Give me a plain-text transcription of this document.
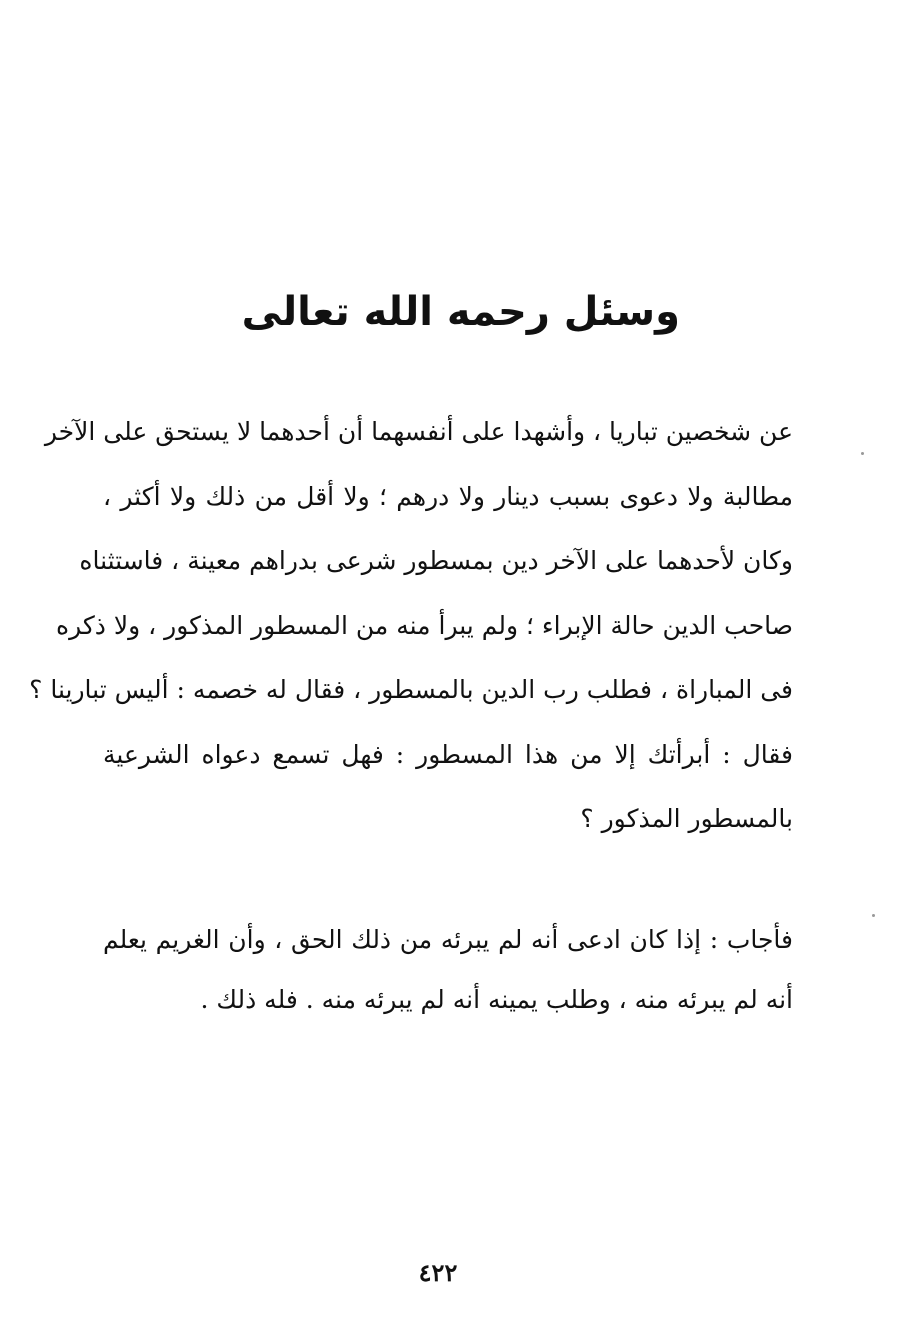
وسئل رحمه الله تعالى
عن شخصين تباريا ، وأشهدا على أنفسهما أن أحدهما لا يستحق على الآخر
مطالبة ولا دعوى بسبب دينار ولا درهم ؛ ولا أقل من ذلك ولا أكثر ،
وكان لأحدهما على الآخر دين بمسطور شرعى بدراهم معينة ، فاستثناه
صاحب الدين حالة الإبراء ؛ ولم يبرأ منه من المسطور المذكور ، ولا ذكره
فى المباراة ، فطلب رب الدين بالمسطور ، فقال له خصمه : أليس تبارينا ؟
فقال : أبرأتك إلا من هذا المسطور : فهل تسمع دعواه الشرعية
بالمسطور المذكور ؟
فأجاب : إذا كان ادعى أنه لم يبرئه من ذلك الحق ، وأن الغريم يعلم
أنه لم يبرئه منه ، وطلب يمينه أنه لم يبرئه منه . فله ذلك .
٤٢٢
